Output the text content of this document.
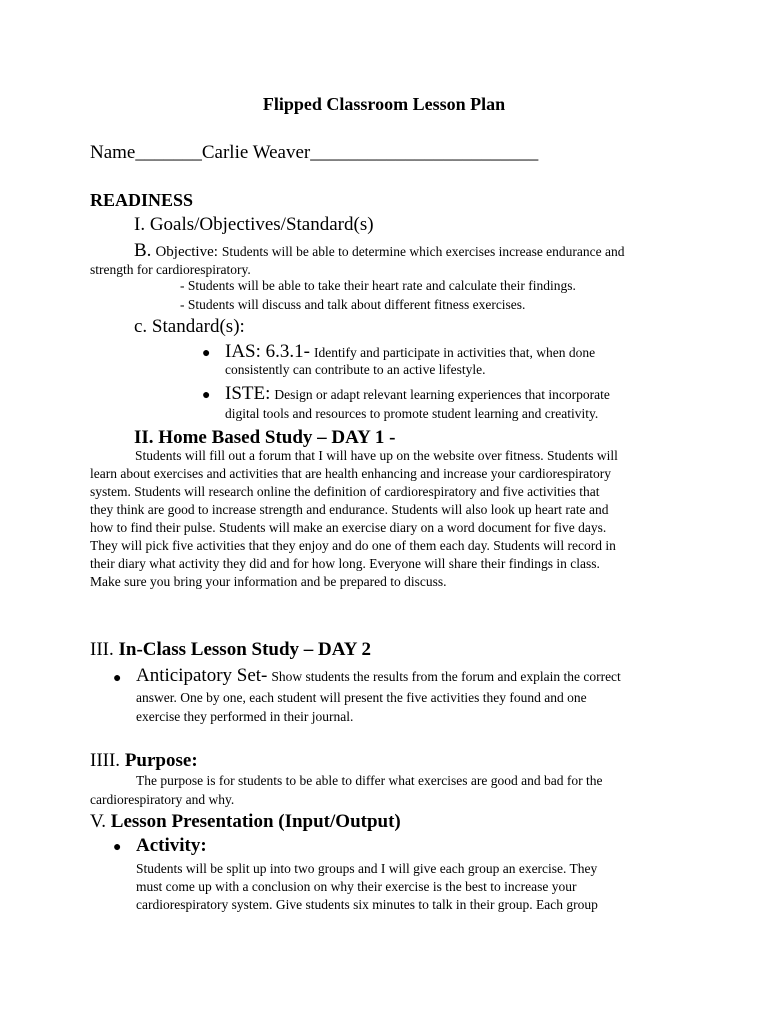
Flipped Classroom Lesson Plan
Name_______Carlie Weaver________________________
READINESS
I. Goals/Objectives/Standard(s)
B. Objective: Students will be able to determine which exercises increase endurance and
strength for cardiorespiratory.
- Students will be able to take their heart rate and calculate their findings.
- Students will discuss and talk about different fitness exercises.
c. Standard(s):
● IAS: 6.3.1- Identify and participate in activities that, when done
consistently can contribute to an active lifestyle.
● ISTE: Design or adapt relevant learning experiences that incorporate
digital tools and resources to promote student learning and creativity.
II. Home Based Study – DAY 1 -
Students will fill out a forum that I will have up on the website over fitness. Students will
learn about exercises and activities that are health enhancing and increase your cardiorespiratory
system. Students will research online the definition of cardiorespiratory and five activities that
they think are good to increase strength and endurance. Students will also look up heart rate and
how to find their pulse. Students will make an exercise diary on a word document for five days.
They will pick five activities that they enjoy and do one of them each day. Students will record in
their diary what activity they did and for how long. Everyone will share their findings in class.
Make sure you bring your information and be prepared to discuss.
III. In-Class Lesson Study – DAY 2
● Anticipatory Set- Show students the results from the forum and explain the correct
answer. One by one, each student will present the five activities they found and one
exercise they performed in their journal.
IIII. Purpose:
The purpose is for students to be able to differ what exercises are good and bad for the
cardiorespiratory and why.
V. Lesson Presentation (Input/Output)
● Activity:
Students will be split up into two groups and I will give each group an exercise. They
must come up with a conclusion on why their exercise is the best to increase your
cardiorespiratory system. Give students six minutes to talk in their group. Each group
